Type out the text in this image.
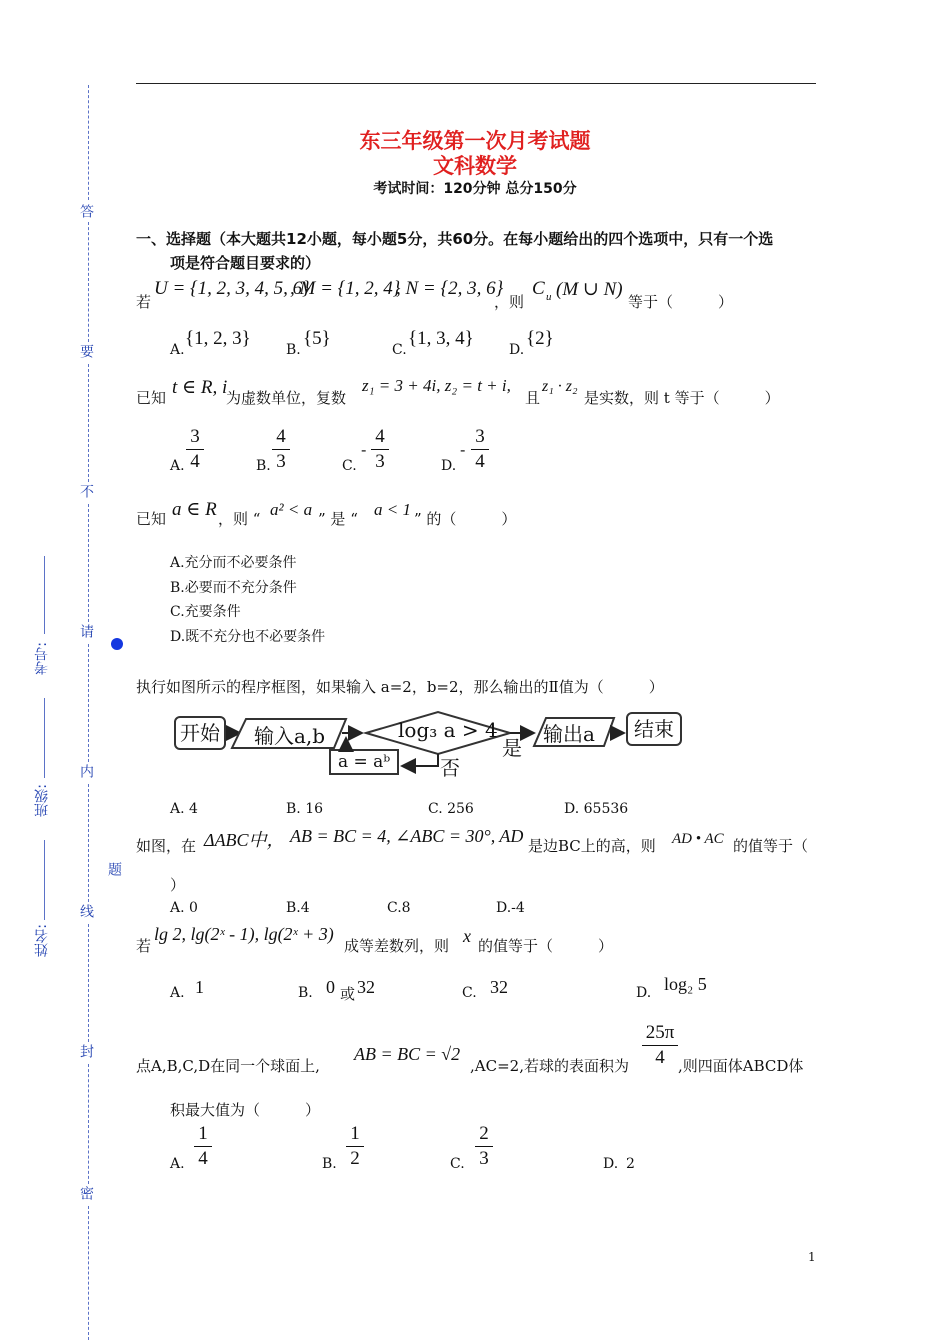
答
要
不
请
内
线
封
密
题
考号:
班级:
姓名:
东三年级第一次月考试题
文科数学
考试时间：120分钟 总分150分
一、选择题（本大题共12小题，每小题5分，共60分。在每小题给出的四个选项中，只有一个选
项是符合题目要求的）
若
U = {1, 2, 3, 4, 5, 6}
, M = {1, 2, 4}
, N = {2, 3, 6}
，则
C u (M ∪ N)
等于（　　　）
A.
{1, 2, 3}
B.
{5}
C.
{1, 3, 4}
D.
{2}
已知 t ∈ R, i
为虚数单位，复数
z₁ = 3 + 4i, z₂ = t + i,
且
z₁ · z₂
是实数，则 t 等于（　　　）
A.
3
4	B.
4
3	C.
-
4
3	D.
-
3
4
已知 a ∈ R ，则 “ a² < a ” 是 “ a < 1 ” 的（　　　）
A.充分而不必要条件
B.必要而不充分条件
C.充要条件
D.既不充分也不必要条件
执行如图所示的程序框图，如果输入 a=2，b=2，那么输出的Ⅱ值为（　　　）
开始	输入a,b	log₃ a > 4 输出a	结束
a = aᵇ
是
否
A. 4	B. 16	C. 256	D. 65536
如图，在 ΔABC中， AB = BC = 4, ∠ABC = 30°, AD 是边BC上的高，则 AD • AC 的值等于（
）
A. 0	B.4	C.8	D.-4
若
lg 2, lg(2ˣ - 1), lg(2ˣ + 3)
成等差数列，则 x 的值等于（　　　）
A. 1	B. 0 或 32	C. 32	D. log₂ 5
点A,B,C,D在同一个球面上,
AB = BC = √2
,AC=2,若球的表面积为
25π
4 ,则四面体ABCD体
积最大值为（　　　）
A.
1
4	B.
1
2	C.
2
3	D. 2
1
